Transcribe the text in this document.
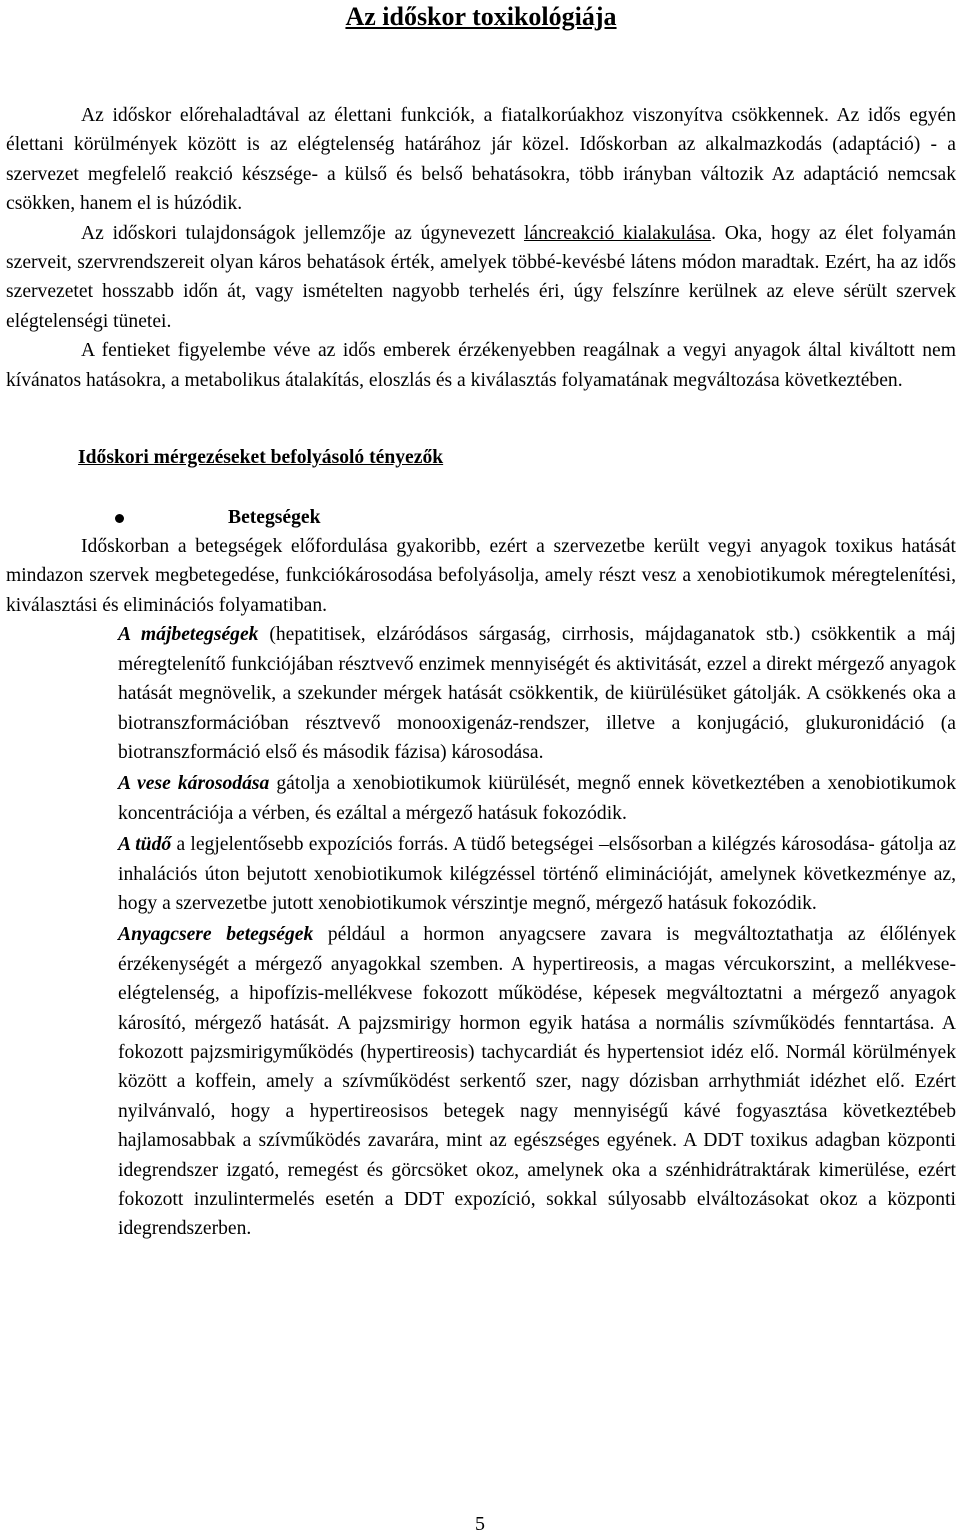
Az időskor toxikológiája

Az időskor előrehaladtával az élettani funkciók, a fiatalkorúakhoz viszonyítva csökkennek. Az idős egyén élettani körülmények között is az elégtelenség határához jár közel. Időskorban az alkalmazkodás (adaptáció) - a szervezet megfelelő reakció készsége- a külső és belső behatásokra, több irányban változik Az adaptáció nemcsak csökken, hanem el is húzódik.

Az időskori tulajdonságok jellemzője az úgynevezett láncreakció kialakulása. Oka, hogy az élet folyamán szerveit, szervrendszereit olyan káros behatások érték, amelyek többé-kevésbé látens módon maradtak. Ezért, ha az idős szervezetet hosszabb időn át, vagy ismételten nagyobb terhelés éri, úgy felszínre kerülnek az eleve sérült szervek elégtelenségi tünetei.

A fentieket figyelembe véve az idős emberek érzékenyebben reagálnak a vegyi anyagok által kiváltott nem kívánatos hatásokra, a metabolikus átalakítás, eloszlás és a kiválasztás folyamatának megváltozása következtében.

Időskori mérgezéseket befolyásoló tényezők
Betegségek

Időskorban a betegségek előfordulása gyakoribb, ezért a szervezetbe került vegyi anyagok toxikus hatását mindazon szervek megbetegedése, funkciókárosodása befolyásolja, amely részt vesz a xenobiotikumok méregtelenítési, kiválasztási és eliminációs folyamatiban.

A májbetegségek (hepatitisek, elzáródásos sárgaság, cirrhosis, májdaganatok stb.) csökkentik a máj méregtelenítő funkciójában résztvevő enzimek mennyiségét és aktivitását, ezzel a direkt mérgező anyagok hatását megnövelik, a szekunder mérgek hatását csökkentik, de kiürülésüket gátolják. A csökkenés oka a biotranszformációban résztvevő monooxigenáz-rendszer, illetve a konjugáció, glukuronidáció (a biotranszformáció első és második fázisa) károsodása.

A vese károsodása gátolja a xenobiotikumok kiürülését, megnő ennek következtében a xenobiotikumok koncentrációja a vérben, és ezáltal a mérgező hatásuk fokozódik.

A tüdő a legjelentősebb expozíciós forrás. A tüdő betegségei –elsősorban a kilégzés károsodása- gátolja az inhalációs úton bejutott xenobiotikumok kilégzéssel történő eliminációját, amelynek következménye az, hogy a szervezetbe jutott xenobiotikumok vérszintje megnő, mérgező hatásuk fokozódik.

Anyagcsere betegségek például a hormon anyagcsere zavara is megváltoztathatja az élőlények érzékenységét a mérgező anyagokkal szemben. A hypertireosis, a magas vércukorszint, a mellékvese-elégtelenség, a hipofízis-mellékvese fokozott működése, képesek megváltoztatni a mérgező anyagok károsító, mérgező hatását. A pajzsmirigy hormon egyik hatása a normális szívműködés fenntartása. A fokozott pajzsmirigyműködés (hypertireosis) tachycardiát és hypertensiot idéz elő. Normál körülmények között a koffein, amely a szívműködést serkentő szer, nagy dózisban arrhythmiát idézhet elő. Ezért nyilvánvaló, hogy a hypertireosisos betegek nagy mennyiségű kávé fogyasztása következtébeb hajlamosabbak a szívműködés zavarára, mint az egészséges egyének. A DDT toxikus adagban központi idegrendszer izgató, remegést és görcsöket okoz, amelynek oka a szénhidrátraktárak kimerülése, ezért fokozott inzulintermelés esetén a DDT expozíció, sokkal súlyosabb elváltozásokat okoz a központi idegrendszerben.

5
